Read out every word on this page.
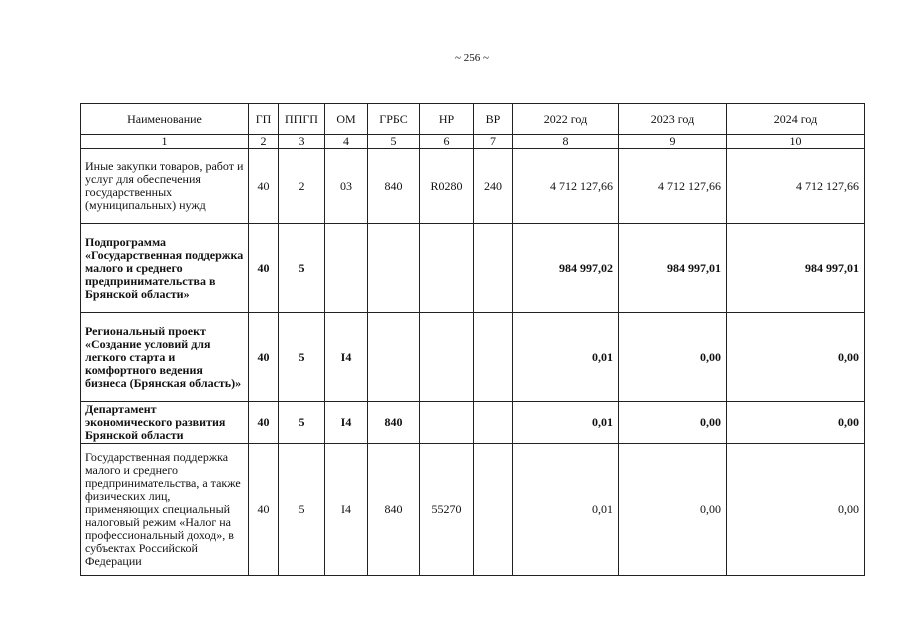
~ 256 ~
Наименование	ГП	ППГП	ОМ	ГРБС	НР	ВР	2022 год	2023 год	2024 год
1	2	3	4	5	6	7	8	9	10
Иные закупки товаров, работ и услуг для обеспечения государственных (муниципальных) нужд	40	2	03	840	R0280	240	4 712 127,66	4 712 127,66	4 712 127,66
Подпрограмма «Государственная поддержка малого и среднего предпринимательства в Брянской области»	40	5					984 997,02	984 997,01	984 997,01
Региональный проект «Создание условий для легкого старта и комфортного ведения бизнеса (Брянская область)»	40	5	I4				0,01	0,00	0,00
Департамент экономического развития Брянской области	40	5	I4	840			0,01	0,00	0,00
Государственная поддержка малого и среднего предпринимательства, а также физических лиц, применяющих специальный налоговый режим «Налог на профессиональный доход», в субъектах Российской Федерации	40	5	I4	840	55270		0,01	0,00	0,00
